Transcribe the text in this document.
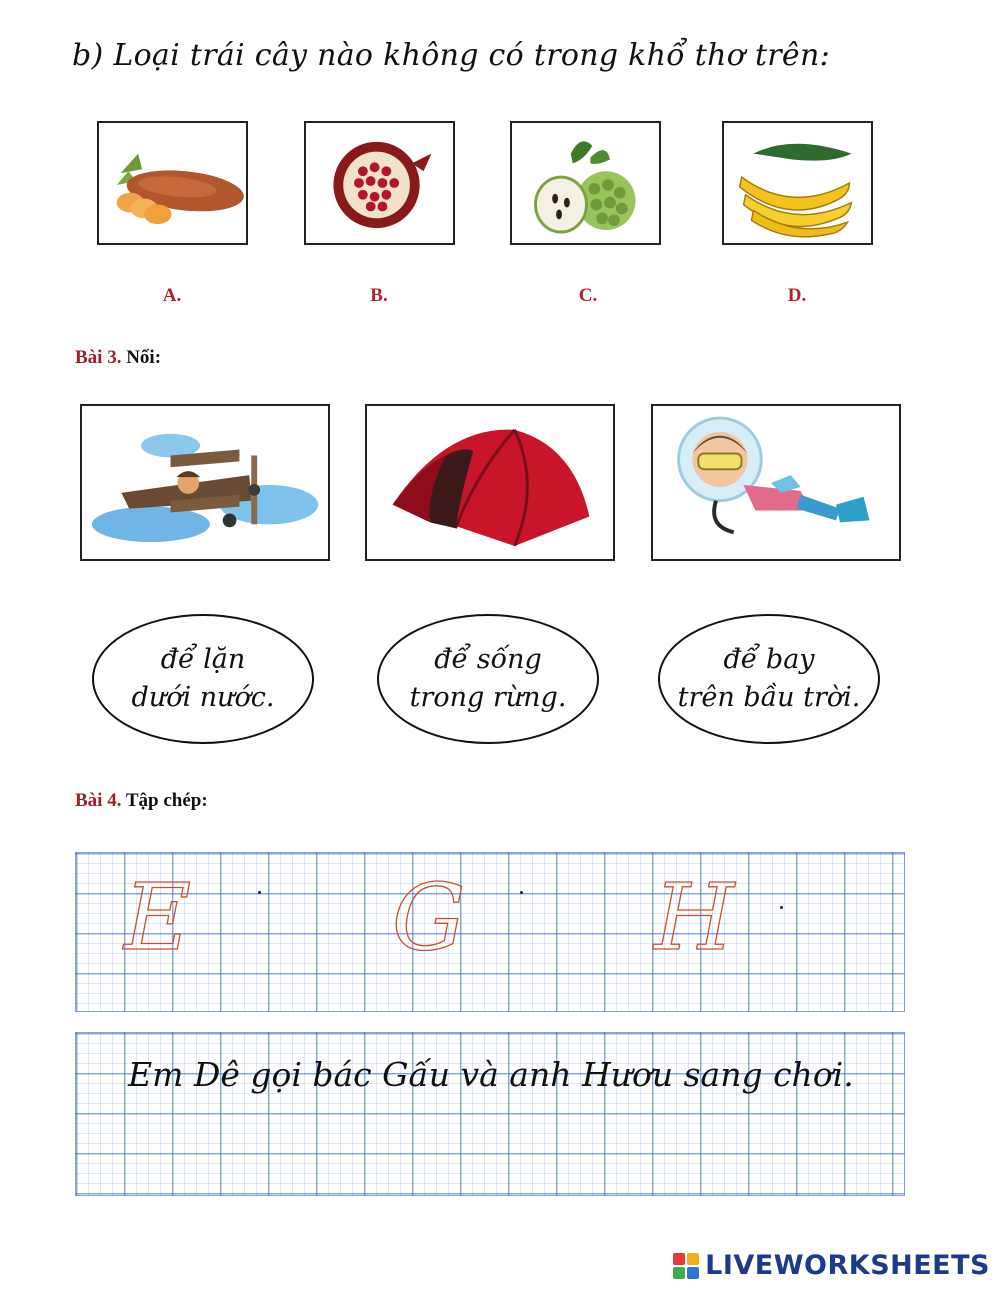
b) Loại trái cây nào không có trong khổ thơ trên:
A.	B.	C.	D.
Bài 3. Nối:
để lặn
dưới nước.
để sống
trong rừng.
để bay
trên bầu trời.
Bài 4. Tập chép:
E G H
Em Dê gọi bác Gấu và anh Hươu sang chơi.
LIVEWORKSHEETS
